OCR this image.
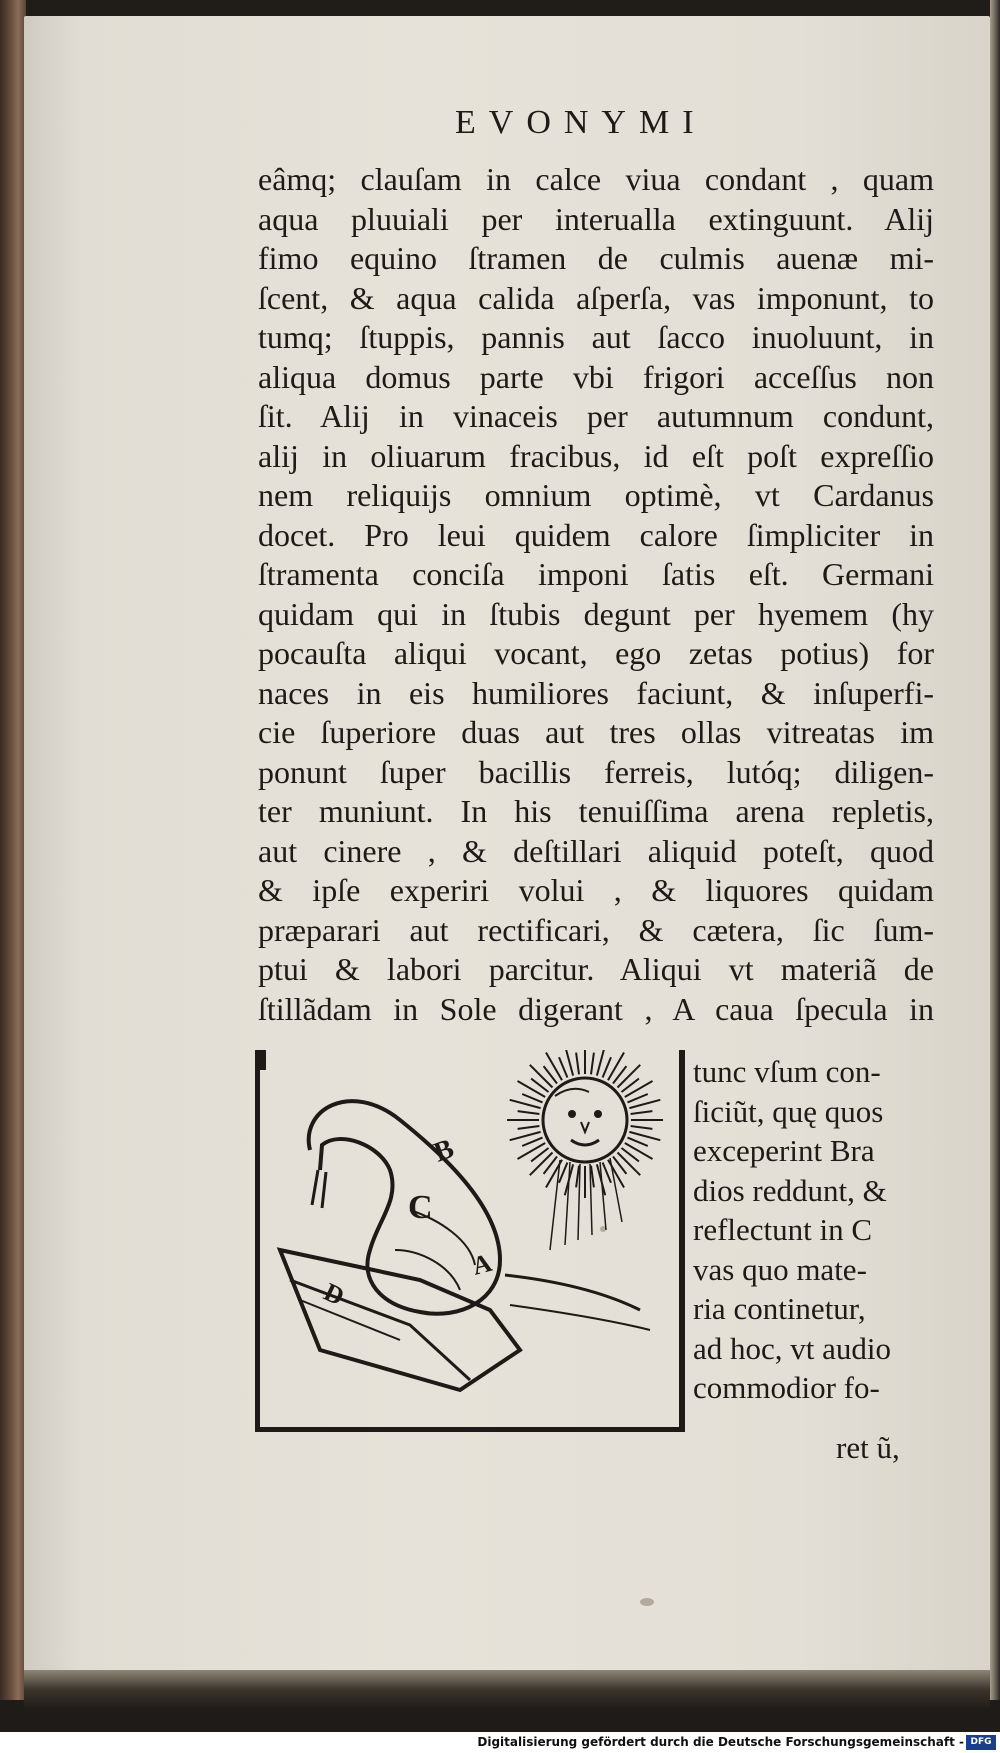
EVONYMI
eâmq; clauſam in calce viua condant , quam
aqua pluuiali per interualla extinguunt. Alij
fimo equino ſtramen de culmis auenæ mi-
ſcent, & aqua calida aſperſa, vas imponunt, to
tumq; ſtuppis, pannis aut ſacco inuoluunt, in
aliqua domus parte vbi frigori acceſſus non
ſit. Alij in vinaceis per autumnum condunt,
alij in oliuarum fracibus, id eſt poſt expreſſio
nem reliquijs omnium optimè, vt Cardanus
docet. Pro leui quidem calore ſimpliciter in
ſtramenta conciſa imponi ſatis eſt. Germani
quidam qui in ſtubis degunt per hyemem (hy
pocauſta aliqui vocant, ego zetas potius) for
naces in eis humiliores faciunt, & inſuperfi-
cie ſuperiore duas aut tres ollas vitreatas im
ponunt ſuper bacillis ferreis, lutóq; diligen-
ter muniunt. In his tenuiſſima arena repletis,
aut cinere , & deſtillari aliquid poteſt, quod
& ipſe experiri volui , & liquores quidam
præparari aut rectificari, & cætera, ſic ſum-
ptui & labori parcitur. Aliqui vt materiã de
ſtillãdam in Sole digerant , A caua ſpecula in
B
C
A
D
tunc vſum con-
ſiciũt, quę quos
exceperint Bra
dios reddunt, &
reflectunt in C
vas quo mate-
ria continetur,
ad hoc, vt audio
commodior fo-
ret ũ,
Digitalisierung gefördert durch die Deutsche Forschungsgemeinschaft - DFG
